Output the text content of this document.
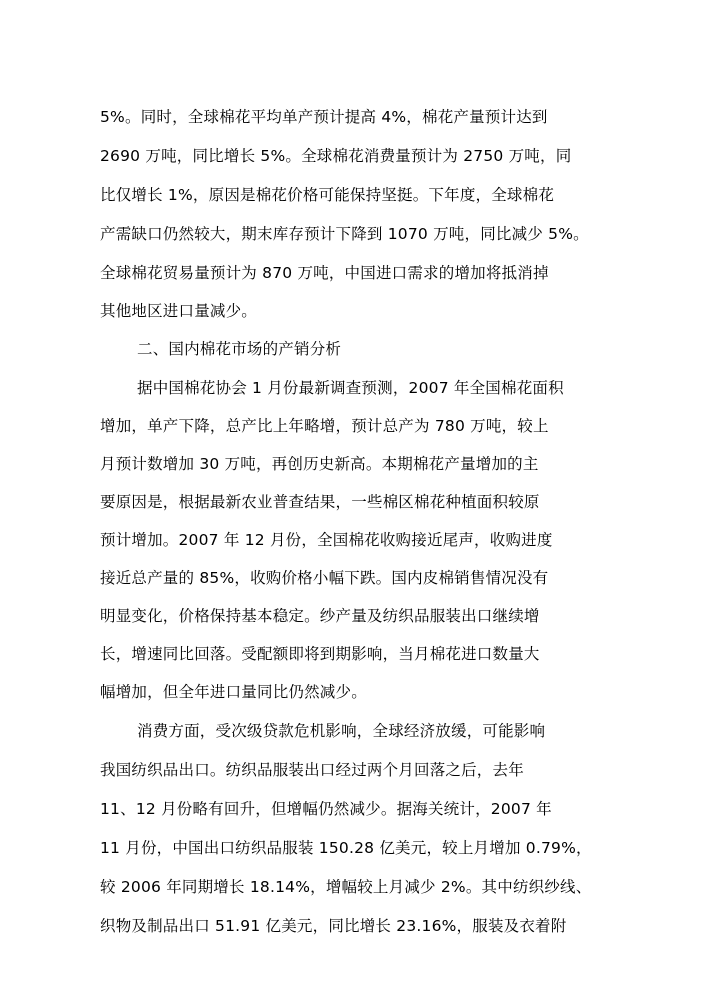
5%。同时，全球棉花平均单产预计提高 4%，棉花产量预计达到
2690 万吨，同比增长 5%。全球棉花消费量预计为 2750 万吨，同
比仅增长 1%，原因是棉花价格可能保持坚挺。下年度，全球棉花
产需缺口仍然较大，期末库存预计下降到 1070 万吨，同比减少 5%。
全球棉花贸易量预计为 870 万吨，中国进口需求的增加将抵消掉
其他地区进口量减少。
二、国内棉花市场的产销分析
据中国棉花协会 1 月份最新调查预测，2007 年全国棉花面积
增加，单产下降，总产比上年略增，预计总产为 780 万吨，较上
月预计数增加 30 万吨，再创历史新高。本期棉花产量增加的主
要原因是，根据最新农业普查结果，一些棉区棉花种植面积较原
预计增加。2007 年 12 月份，全国棉花收购接近尾声，收购进度
接近总产量的 85%，收购价格小幅下跌。国内皮棉销售情况没有
明显变化，价格保持基本稳定。纱产量及纺织品服装出口继续增
长，增速同比回落。受配额即将到期影响，当月棉花进口数量大
幅增加，但全年进口量同比仍然减少。
消费方面，受次级贷款危机影响，全球经济放缓，可能影响
我国纺织品出口。纺织品服装出口经过两个月回落之后，去年
11、12 月份略有回升，但增幅仍然减少。据海关统计，2007 年
11 月份，中国出口纺织品服装 150.28 亿美元，较上月增加 0.79%，
较 2006 年同期增长 18.14%，增幅较上月减少 2%。其中纺织纱线、
织物及制品出口 51.91 亿美元，同比增长 23.16%，服装及衣着附
